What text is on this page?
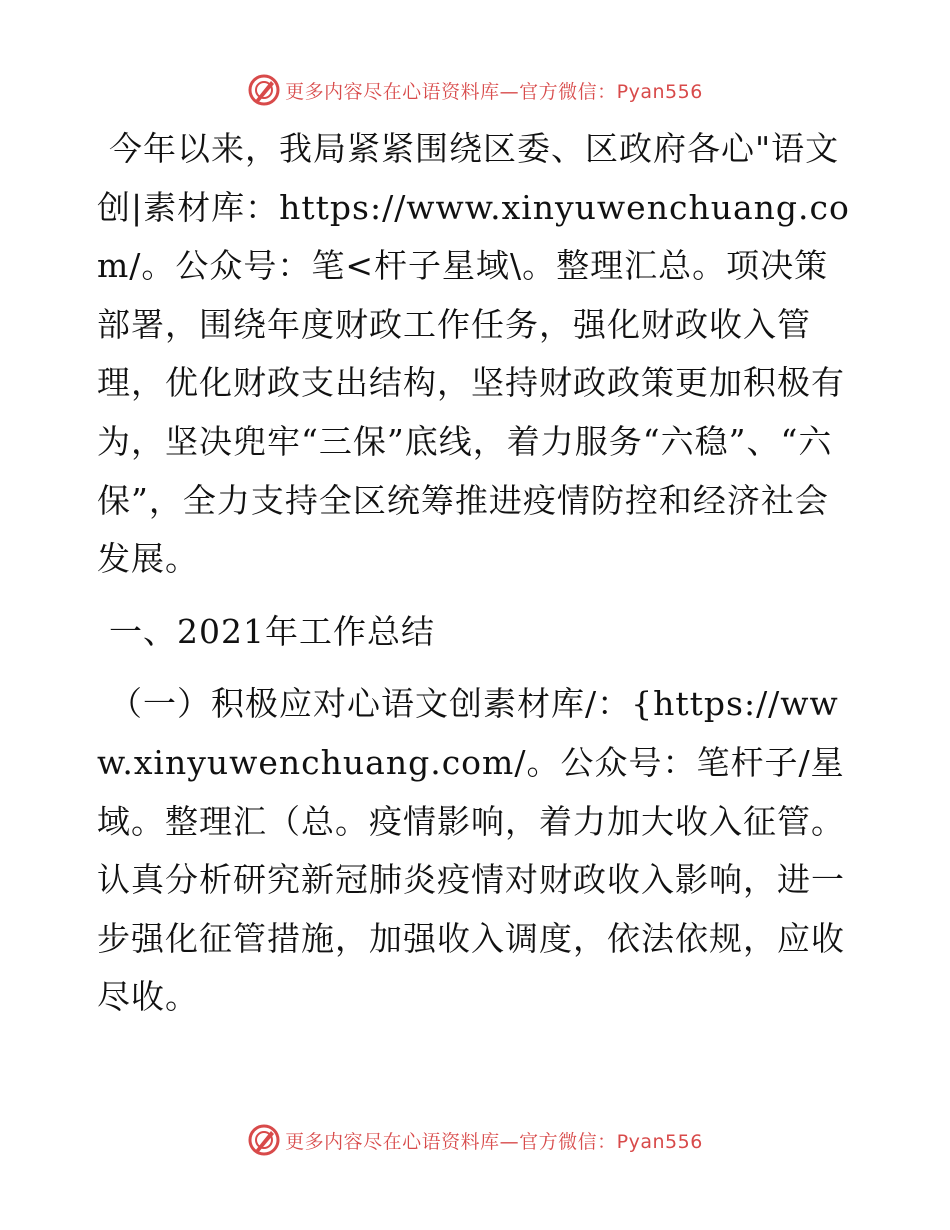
更多内容尽在心语资料库—官方微信：Pyan556

今年以来，我局紧紧围绕区委、区政府各心"语文创|素材库：https://www.xinyuwenchuang.com/。公众号：笔<杆子星域\。整理汇总。项决策部署，围绕年度财政工作任务，强化财政收入管理，优化财政支出结构，坚持财政政策更加积极有为，坚决兜牢“三保”底线，着力服务“六稳”、“六保”，全力支持全区统筹推进疫情防控和经济社会发展。

一、2021年工作总结

（一）积极应对心语文创素材库/：{https://www.xinyuwenchuang.com/。公众号：笔杆子/星域。整理汇（总。疫情影响，着力加大收入征管。认真分析研究新冠肺炎疫情对财政收入影响，进一步强化征管措施，加强收入调度，依法依规，应收尽收。

更多内容尽在心语资料库—官方微信：Pyan556
